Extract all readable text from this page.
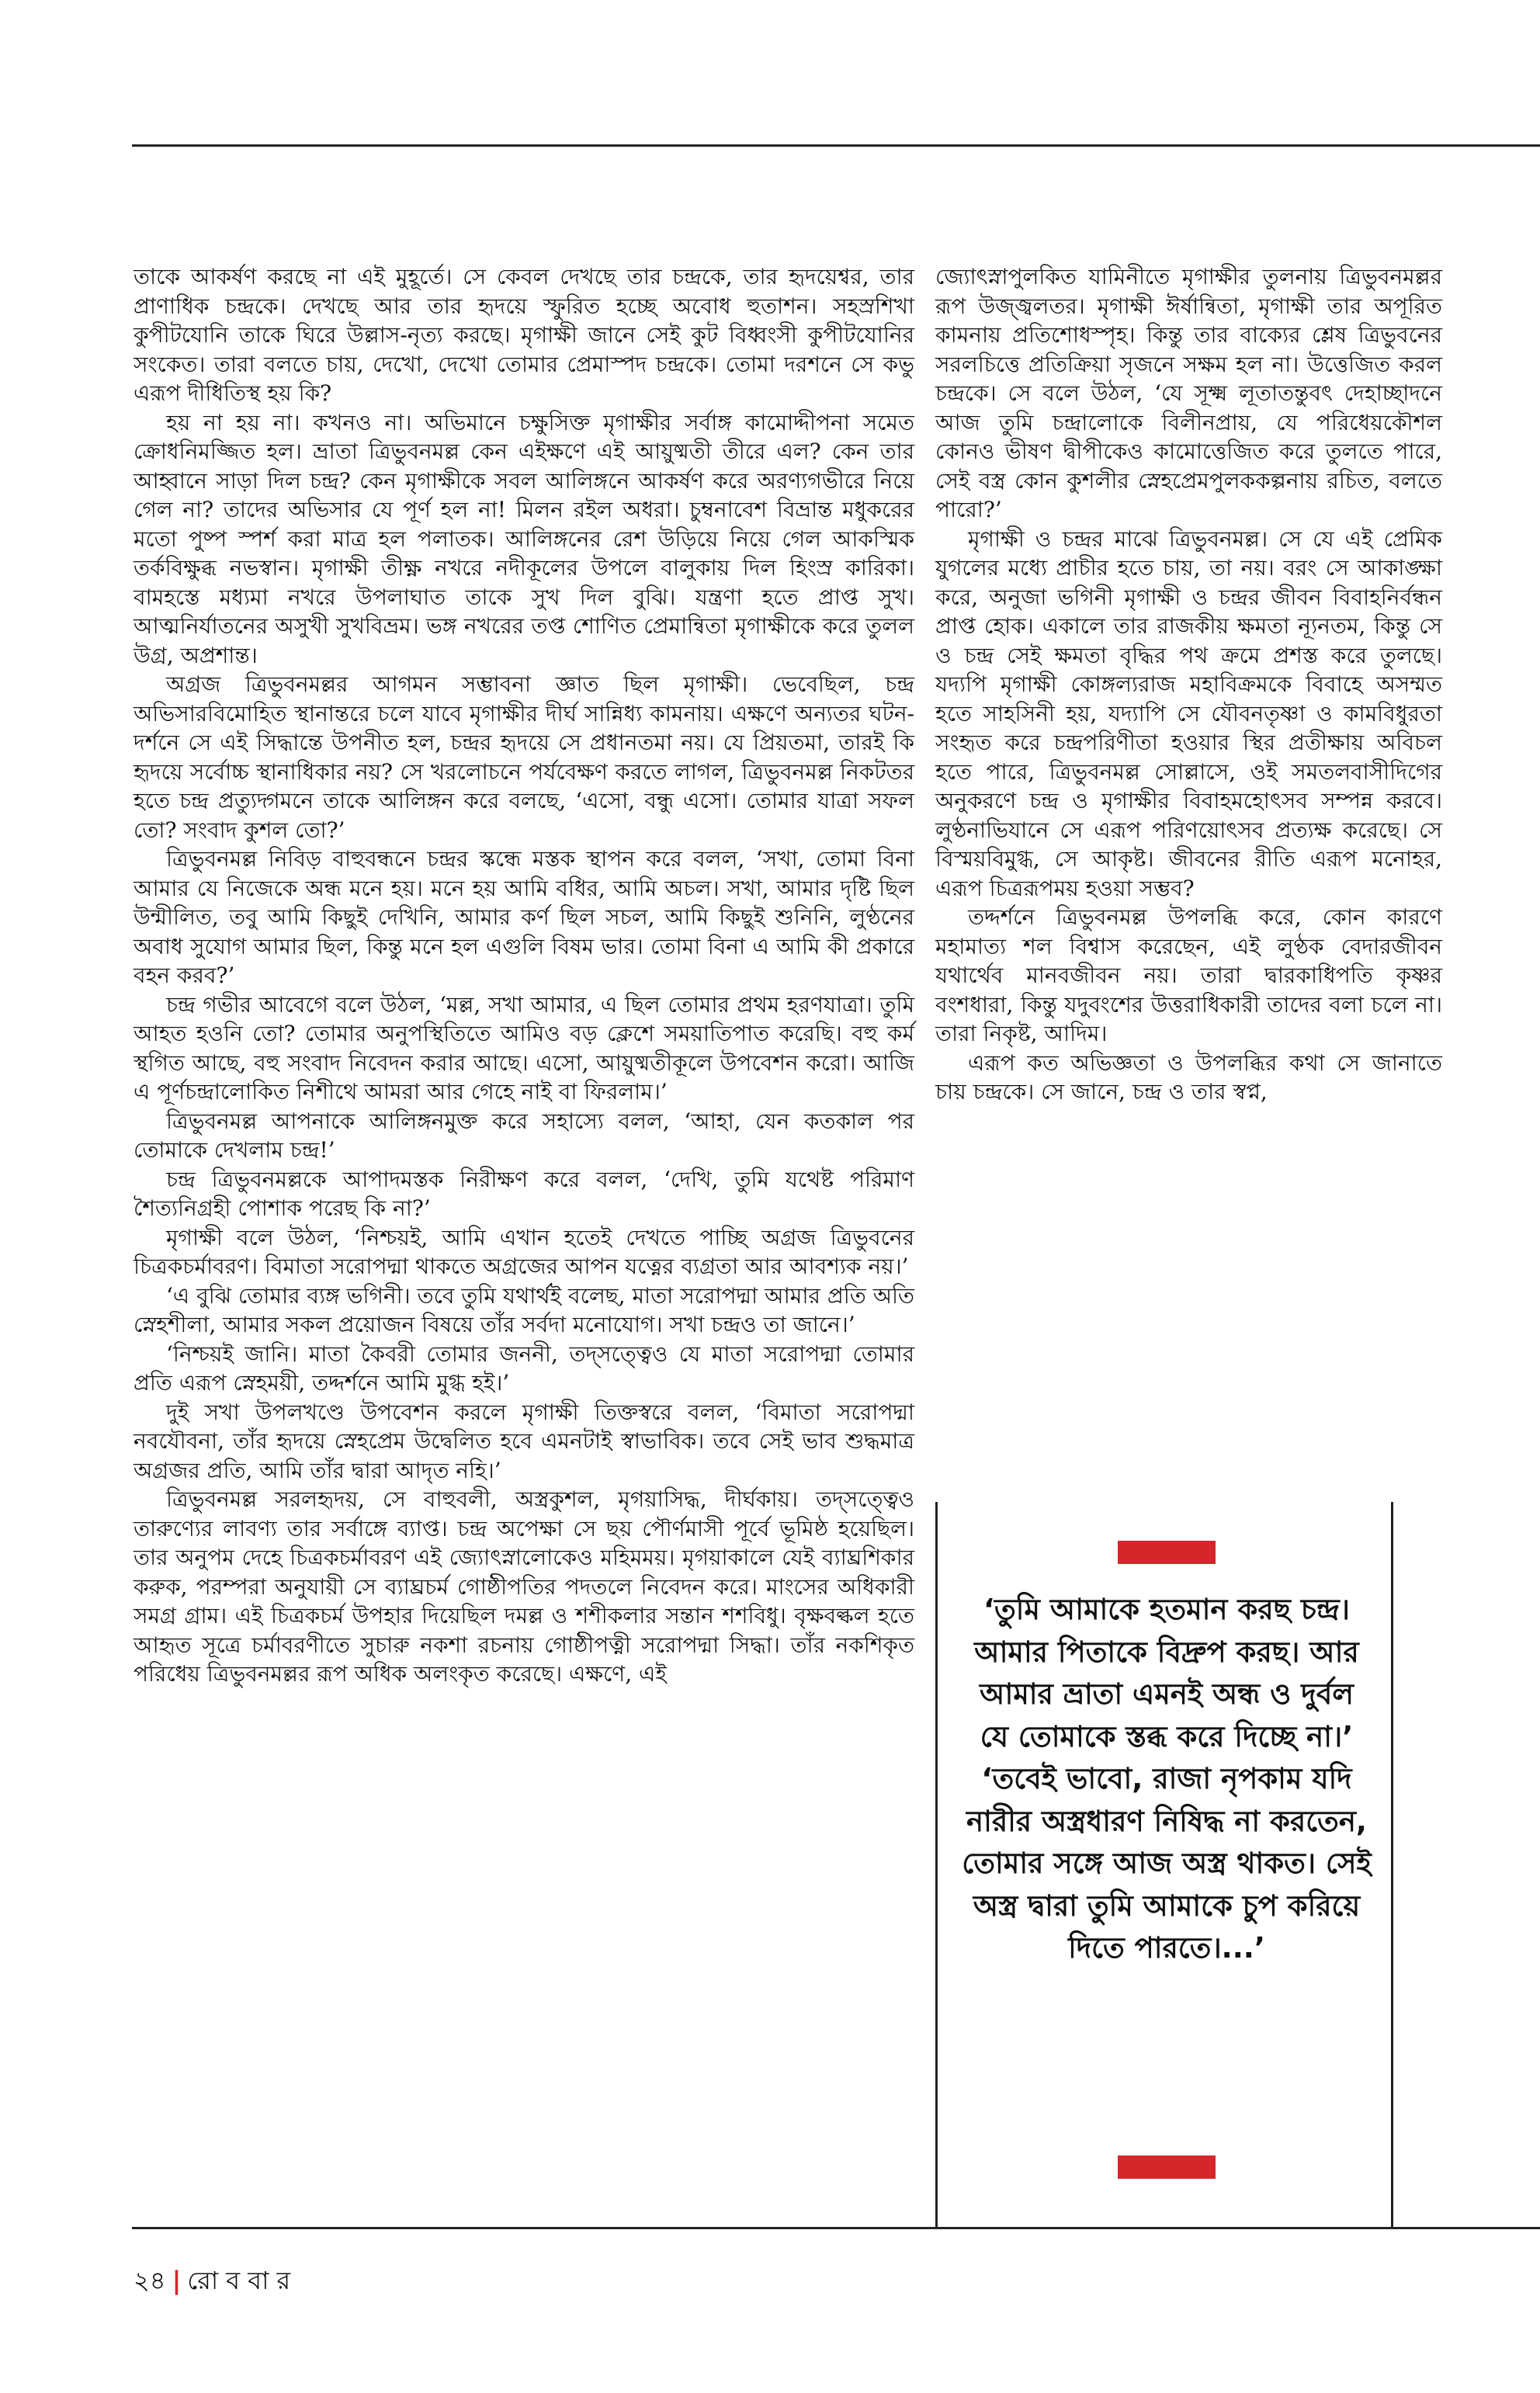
তাকে আকর্ষণ করছে না এই মুহূর্তে। সে কেবল দেখছে তার চন্দ্রকে, তার হৃদয়েশ্বর, তার প্রাণাধিক চন্দ্রকে। দেখছে আর তার হৃদয়ে স্ফুরিত হচ্ছে অবোধ হুতাশন। সহস্রশিখা কুপীটযোনি তাকে ঘিরে উল্লাস-নৃত্য করছে। মৃগাক্ষী জানে সেই কুট বিধ্বংসী কুপীটযোনির সংকেত। তারা বলতে চায়, দেখো, দেখো তোমার প্রেমাস্পদ চন্দ্রকে। তোমা দরশনে সে কভু এরূপ দীধিতিস্থ হয় কি?

হয় না হয় না। কখনও না। অভিমানে চক্ষুসিক্ত মৃগাক্ষীর সর্বাঙ্গ কামোদ্দীপনা সমেত ক্রোধনিমজ্জিত হল। ভ্রাতা ত্রিভুবনমল্ল কেন এইক্ষণে এই আয়ুষ্মতী তীরে এল? কেন তার আহ্বানে সাড়া দিল চন্দ্র? কেন মৃগাক্ষীকে সবল আলিঙ্গনে আকর্ষণ করে অরণ্যগভীরে নিয়ে গেল না? তাদের অভিসার যে পূর্ণ হল না! মিলন রইল অধরা। চুম্বনাবেশ বিভ্রান্ত মধুকরের মতো পুষ্প স্পর্শ করা মাত্র হল পলাতক। আলিঙ্গনের রেশ উড়িয়ে নিয়ে গেল আকস্মিক তর্কবিক্ষুব্ধ নভস্বান। মৃগাক্ষী তীক্ষ্ণ নখরে নদীকূলের উপলে বালুকায় দিল হিংস্র কারিকা। বামহস্তে মধ্যমা নখরে উপলাঘাত তাকে সুখ দিল বুঝি। যন্ত্রণা হতে প্রাপ্ত সুখ। আত্মনির্যাতনের অসুখী সুখবিভ্রম। ভঙ্গ নখরের তপ্ত শোণিত প্রেমান্বিতা মৃগাক্ষীকে করে তুলল উগ্র, অপ্রশান্ত।

অগ্রজ ত্রিভুবনমল্লর আগমন সম্ভাবনা জ্ঞাত ছিল মৃগাক্ষী। ভেবেছিল, চন্দ্র অভিসারবিমোহিত স্থানান্তরে চলে যাবে মৃগাক্ষীর দীর্ঘ সান্নিধ্য কামনায়। এক্ষণে অন্যতর ঘটন-দর্শনে সে এই সিদ্ধান্তে উপনীত হল, চন্দ্রর হৃদয়ে সে প্রধানতমা নয়। যে প্রিয়তমা, তারই কি হৃদয়ে সর্বোচ্চ স্থানাধিকার নয়? সে খরলোচনে পর্যবেক্ষণ করতে লাগল, ত্রিভুবনমল্ল নিকটতর হতে চন্দ্র প্রত্যুদ্গমনে তাকে আলিঙ্গন করে বলছে, ‘এসো, বন্ধু এসো। তোমার যাত্রা সফল তো? সংবাদ কুশল তো?’

ত্রিভুবনমল্ল নিবিড় বাহুবন্ধনে চন্দ্রর স্কন্ধে মস্তক স্থাপন করে বলল, ‘সখা, তোমা বিনা আমার যে নিজেকে অন্ধ মনে হয়। মনে হয় আমি বধির, আমি অচল। সখা, আমার দৃষ্টি ছিল উন্মীলিত, তবু আমি কিছুই দেখিনি, আমার কর্ণ ছিল সচল, আমি কিছুই শুনিনি, লুণ্ঠনের অবাধ সুযোগ আমার ছিল, কিন্তু মনে হল এগুলি বিষম ভার। তোমা বিনা এ আমি কী প্রকারে বহন করব?’

চন্দ্র গভীর আবেগে বলে উঠল, ‘মল্ল, সখা আমার, এ ছিল তোমার প্রথম হরণযাত্রা। তুমি আহত হওনি তো? তোমার অনুপস্থিতিতে আমিও বড় ক্লেশে সময়াতিপাত করেছি। বহু কর্ম স্থগিত আছে, বহু সংবাদ নিবেদন করার আছে। এসো, আয়ুষ্মতীকূলে উপবেশন করো। আজি এ পূর্ণচন্দ্রালোকিত নিশীথে আমরা আর গেহে নাই বা ফিরলাম।’

ত্রিভুবনমল্ল আপনাকে আলিঙ্গনমুক্ত করে সহাস্যে বলল, ‘আহা, যেন কতকাল পর তোমাকে দেখলাম চন্দ্র!’

চন্দ্র ত্রিভুবনমল্লকে আপাদমস্তক নিরীক্ষণ করে বলল, ‘দেখি, তুমি যথেষ্ট পরিমাণ শৈত্যনিগ্রহী পোশাক পরেছ কি না?’

মৃগাক্ষী বলে উঠল, ‘নিশ্চয়ই, আমি এখান হতেই দেখতে পাচ্ছি অগ্রজ ত্রিভুবনের চিত্রকচর্মাবরণ। বিমাতা সরোপদ্মা থাকতে অগ্রজের আপন যত্নের ব্যগ্রতা আর আবশ্যক নয়।’

‘এ বুঝি তোমার ব্যঙ্গ ভগিনী। তবে তুমি যথার্থই বলেছ, মাতা সরোপদ্মা আমার প্রতি অতি স্নেহশীলা, আমার সকল প্রয়োজন বিষয়ে তাঁর সর্বদা মনোযোগ। সখা চন্দ্রও তা জানে।’

‘নিশ্চয়ই জানি। মাতা কৈবরী তোমার জননী, তদ্সত্ত্বেও যে মাতা সরোপদ্মা তোমার প্রতি এরূপ স্নেহময়ী, তদ্দর্শনে আমি মুগ্ধ হই।’

দুই সখা উপলখণ্ডে উপবেশন করলে মৃগাক্ষী তিক্তস্বরে বলল, ‘বিমাতা সরোপদ্মা নবযৌবনা, তাঁর হৃদয়ে স্নেহপ্রেম উদ্বেলিত হবে এমনটাই স্বাভাবিক। তবে সেই ভাব শুদ্ধমাত্র অগ্রজর প্রতি, আমি তাঁর দ্বারা আদৃত নহি।’

ত্রিভুবনমল্ল সরলহৃদয়, সে বাহুবলী, অস্ত্রকুশল, মৃগয়াসিদ্ধ, দীর্ঘকায়। তদ্সত্ত্বেও তারুণ্যের লাবণ্য তার সর্বাঙ্গে ব্যাপ্ত। চন্দ্র অপেক্ষা সে ছয় পৌর্ণমাসী পূর্বে ভূমিষ্ঠ হয়েছিল। তার অনুপম দেহে চিত্রকচর্মাবরণ এই জ্যোৎস্নালোকেও মহিমময়। মৃগয়াকালে যেই ব্যাঘ্রশিকার করুক, পরম্পরা অনুযায়ী সে ব্যাঘ্রচর্ম গোষ্ঠীপতির পদতলে নিবেদন করে। মাংসের অধিকারী সমগ্র গ্রাম। এই চিত্রকচর্ম উপহার দিয়েছিল দমল্ল ও শশীকলার সন্তান শশবিধু। বৃক্ষবল্কল হতে আহৃত সূত্রে চর্মাবরণীতে সুচারু নকশা রচনায় গোষ্ঠীপত্নী সরোপদ্মা সিদ্ধা। তাঁর নকশিকৃত পরিধেয় ত্রিভুবনমল্লর রূপ অধিক অলংকৃত করেছে। এক্ষণে, এই

জ্যোৎস্নাপুলকিত যামিনীতে মৃগাক্ষীর তুলনায় ত্রিভুবনমল্লর রূপ উজ্জ্বলতর। মৃগাক্ষী ঈর্ষান্বিতা, মৃগাক্ষী তার অপূরিত কামনায় প্রতিশোধস্পৃহ। কিন্তু তার বাক্যের শ্লেষ ত্রিভুবনের সরলচিত্তে প্রতিক্রিয়া সৃজনে সক্ষম হল না। উত্তেজিত করল চন্দ্রকে। সে বলে উঠল, ‘যে সূক্ষ্ম লূতাতন্তুবৎ দেহাচ্ছাদনে আজ তুমি চন্দ্রালোকে বিলীনপ্রায়, যে পরিধেয়কৌশল কোনও ভীষণ দ্বীপীকেও কামোত্তেজিত করে তুলতে পারে, সেই বস্ত্র কোন কুশলীর স্নেহপ্রেমপুলককল্পনায় রচিত, বলতে পারো?’

মৃগাক্ষী ও চন্দ্রর মাঝে ত্রিভুবনমল্ল। সে যে এই প্রেমিক যুগলের মধ্যে প্রাচীর হতে চায়, তা নয়। বরং সে আকাঙ্ক্ষা করে, অনুজা ভগিনী মৃগাক্ষী ও চন্দ্রর জীবন বিবাহনির্বন্ধন প্রাপ্ত হোক। একালে তার রাজকীয় ক্ষমতা ন্যূনতম, কিন্তু সে ও চন্দ্র সেই ক্ষমতা বৃদ্ধির পথ ক্রমে প্রশস্ত করে তুলছে। যদ্যপি মৃগাক্ষী কোঙ্গল্যরাজ মহাবিক্রমকে বিবাহে অসম্মত হতে সাহসিনী হয়, যদ্যাপি সে যৌবনতৃষ্ণা ও কামবিধুরতা সংহৃত করে চন্দ্রপরিণীতা হওয়ার স্থির প্রতীক্ষায় অবিচল হতে পারে, ত্রিভুবনমল্ল সোল্লাসে, ওই সমতলবাসীদিগের অনুকরণে চন্দ্র ও মৃগাক্ষীর বিবাহমহোৎসব সম্পন্ন করবে। লুণ্ঠনাভিযানে সে এরূপ পরিণয়োৎসব প্রত্যক্ষ করেছে। সে বিস্ময়বিমুগ্ধ, সে আকৃষ্ট। জীবনের রীতি এরূপ মনোহর, এরূপ চিত্ররূপময় হওয়া সম্ভব?

তদ্দর্শনে ত্রিভুবনমল্ল উপলব্ধি করে, কোন কারণে মহামাত্য শল বিশ্বাস করেছেন, এই লুণ্ঠক বেদারজীবন যথার্থেব মানবজীবন নয়। তারা দ্বারকাধিপতি কৃষ্ণর বংশধারা, কিন্তু যদুবংশের উত্তরাধিকারী তাদের বলা চলে না। তারা নিকৃষ্ট, আদিম।

এরূপ কত অভিজ্ঞতা ও উপলব্ধির কথা সে জানাতে চায় চন্দ্রকে। সে জানে, চন্দ্র ও তার স্বপ্ন,

‘তুমি আমাকে হতমান করছ চন্দ্র। আমার পিতাকে বিদ্রুপ করছ। আর আমার ভ্রাতা এমনই অন্ধ ও দুর্বল যে তোমাকে স্তব্ধ করে দিচ্ছে না।’

‘তবেই ভাবো, রাজা নৃপকাম যদি নারীর অস্ত্রধারণ নিষিদ্ধ না করতেন, তোমার সঙ্গে আজ অস্ত্র থাকত। সেই অস্ত্র দ্বারা তুমি আমাকে চুপ করিয়ে দিতে পারতে।...’

২৪ | রো ব বা র
